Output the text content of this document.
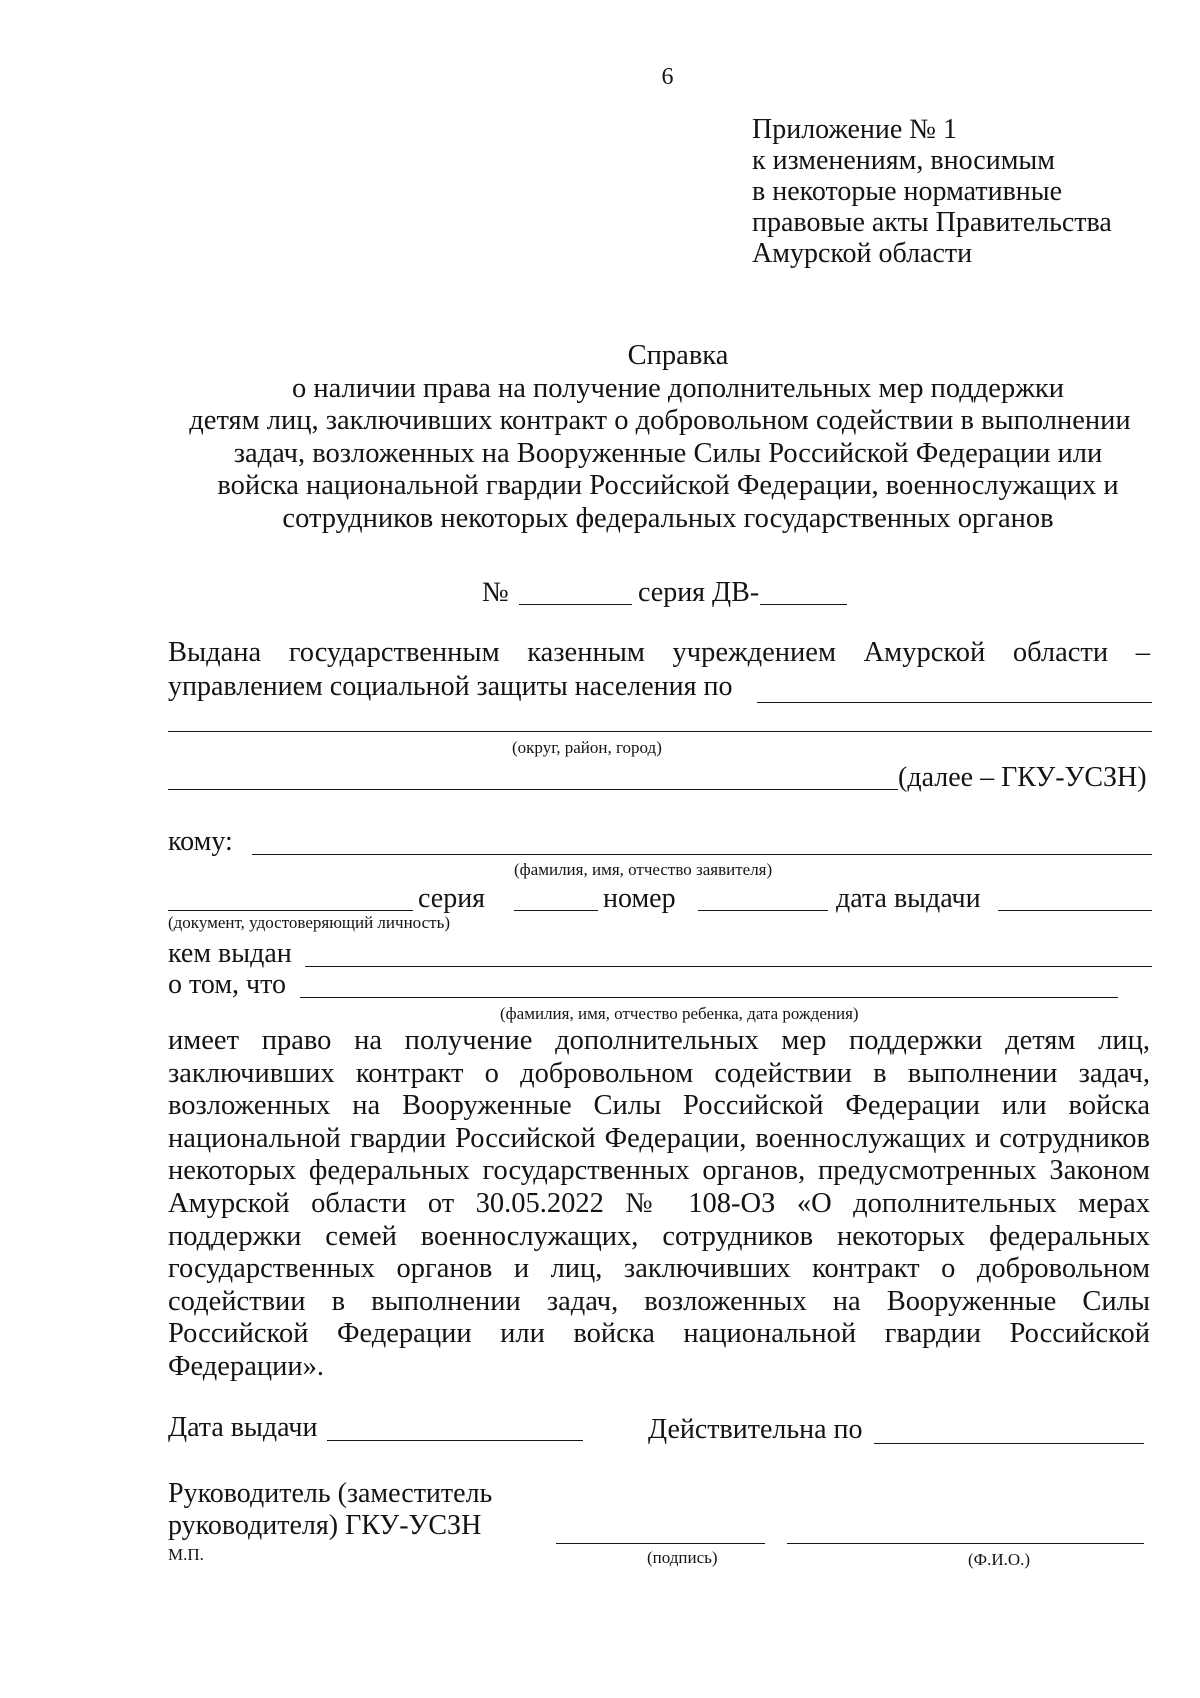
6
Приложение № 1
к изменениям, вносимым
в некоторые нормативные
правовые акты Правительства
Амурской области
Справка
о наличии права на получение дополнительных мер поддержки
детям лиц, заключивших контракт о добровольном содействии в выполнении
задач, возложенных на Вооруженные Силы Российской Федерации или
войска национальной гвардии Российской Федерации, военнослужащих и
сотрудников некоторых федеральных государственных органов
№	серия ДВ-
Выдана государственным казенным учреждением Амурской области –
управлением социальной защиты населения по
(округ, район, город)
(далее – ГКУ-УСЗН)
кому:
(фамилия, имя, отчество заявителя)
серия	номер	дата выдачи
(документ, удостоверяющий личность)
кем выдан
о том, что
(фамилия, имя, отчество ребенка, дата рождения)
имеет право на получение дополнительных мер поддержки детям лиц,
заключивших контракт о добровольном содействии в выполнении задач,
возложенных на Вооруженные Силы Российской Федерации или войска
национальной гвардии Российской Федерации, военнослужащих и сотрудников
некоторых федеральных государственных органов, предусмотренных Законом
Амурской области от 30.05.2022 № 108-ОЗ «О дополнительных мерах
поддержки семей военнослужащих, сотрудников некоторых федеральных
государственных органов и лиц, заключивших контракт о добровольном
содействии в выполнении задач, возложенных на Вооруженные Силы
Российской Федерации или войска национальной гвардии Российской
Федерации».
Дата выдачи	Действительна по
Руководитель (заместитель
руководителя) ГКУ-УСЗН
М.П.	(подпись)	(Ф.И.О.)
